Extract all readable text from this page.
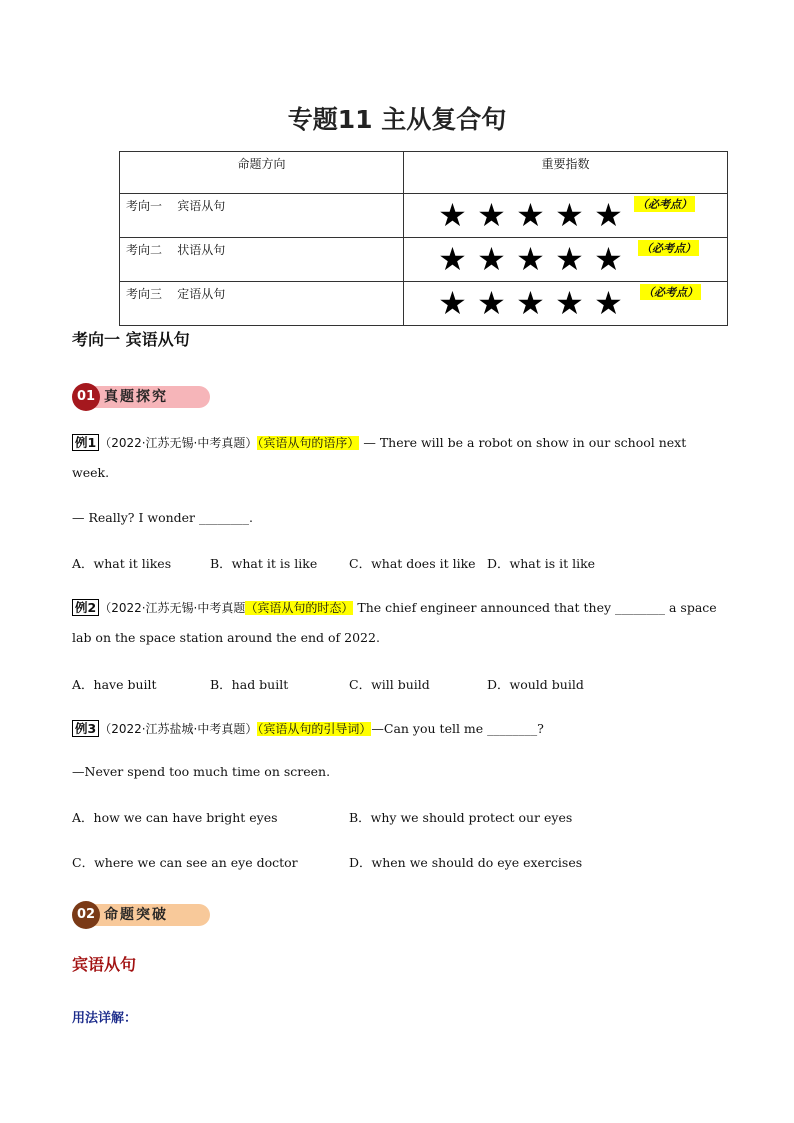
专题11 主从复合句
命题方向	重要指数
考向一    宾语从句	★ ★ ★ ★ ★ （必考点）

考向二    状语从句	★ ★ ★ ★ ★ （必考点）

考向三    定语从句	★ ★ ★ ★ ★ （必考点）
考向一 宾语从句
真题探究
01
例1 （2022·江苏无锡·中考真题）（宾语从句的语序） — There will be a robot on show in our school next
week.
— Really? I wonder ________.
A．what it likes	B．what it is like	C．what does it like D．what is it like
例2 （2022·江苏无锡·中考真题（宾语从句的时态） The chief engineer announced that they ________ a space
lab on the space station around the end of 2022.
A．have built	B．had built	C．will build	D．would build
例3 （2022·江苏盐城·中考真题）（宾语从句的引导词）—Can you tell me ________?
—Never spend too much time on screen.
A．how we can have bright eyes	B．why we should protect our eyes
C．where we can see an eye doctor	D．when we should do eye exercises
命题突破
02
宾语从句
用法详解：
